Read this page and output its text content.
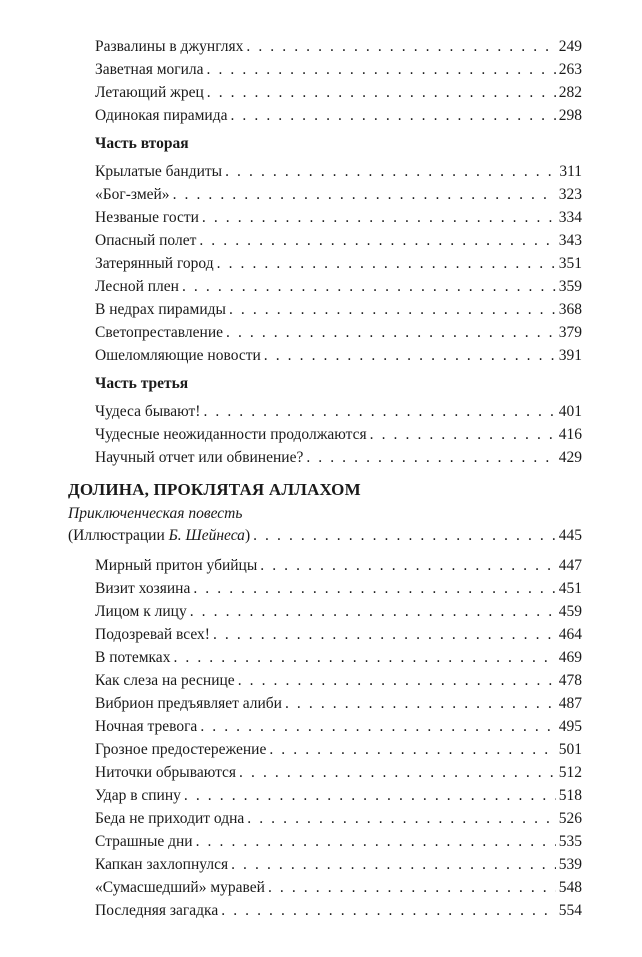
Развалины в джунглях . . .	249
Заветная могила . . .	263
Летающий жрец . . .	282
Одинокая пирамида . . .	298
Часть вторая
Крылатые бандиты . . .	311
«Бог-змей» . . .	323
Незваные гости . . .	334
Опасный полет . . .	343
Затерянный город . . .	351
Лесной плен . . .	359
В недрах пирамиды . . .	368
Светопреставление . . .	379
Ошеломляющие новости . . .	391
Часть третья
Чудеса бывают! . . .	401
Чудесные неожиданности продолжаются . . .	416
Научный отчет или обвинение? . . .	429
ДОЛИНА, ПРОКЛЯТАЯ АЛЛАХОМ
Приключенческая повесть
(Иллюстрации Б. Шейнеса) . . .	445
Мирный притон убийцы . . .	447
Визит хозяина . . .	451
Лицом к лицу . . .	459
Подозревай всех! . . .	464
В потемках . . .	469
Как слеза на реснице . . .	478
Вибрион предъявляет алиби . . .	487
Ночная тревога . . .	495
Грозное предостережение . . .	501
Ниточки обрываются . . .	512
Удар в спину . . .	518
Беда не приходит одна . . .	526
Страшные дни . . .	535
Капкан захлопнулся . . .	539
«Сумасшедший» муравей . . .	548
Последняя загадка . . .	554
